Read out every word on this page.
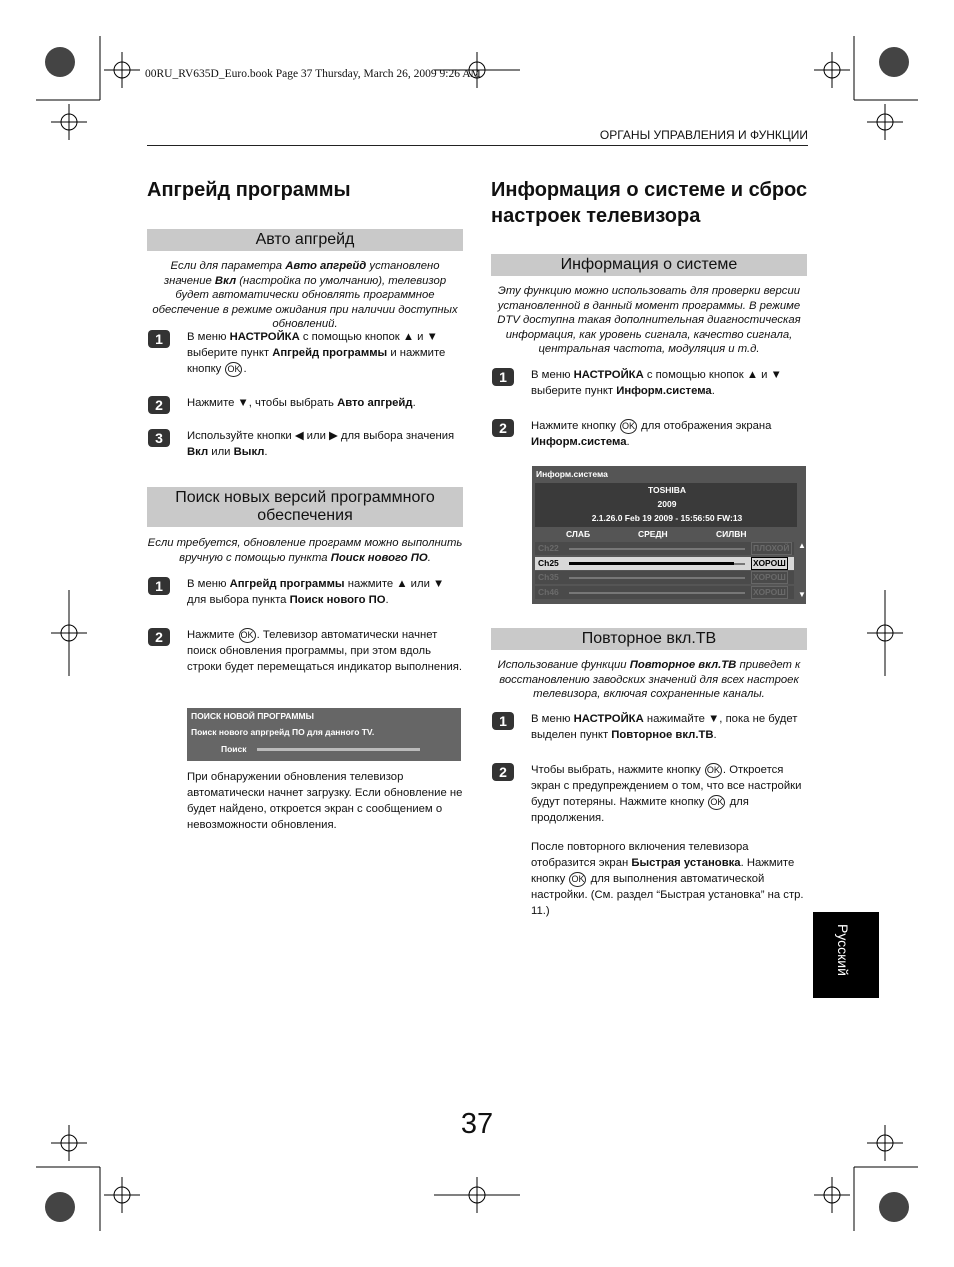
00RU_RV635D_Euro.book Page 37 Thursday, March 26, 2009 9:26 AM
ОРГАНЫ УПРАВЛЕНИЯ И ФУНКЦИИ
Апгрейд программы
Авто апгрейд
Если для параметра Авто апгрейд установлено значение Вкл (настройка по умолчанию), телевизор будет автоматически обновлять программное обеспечение в режиме ожидания при наличии доступных обновлений.
1	В меню НАСТРОЙКА с помощью кнопок ▲ и ▼ выберите пункт Апгрейд программы и нажмите кнопку OK .
2	Нажмите ▼, чтобы выбрать Авто апгрейд.
3	Используйте кнопки ◀ или ▶ для выбора значения Вкл или Выкл.
Поиск новых версий программного обеспечения
Если требуется, обновление программ можно выполнить вручную с помощью пункта Поиск нового ПО.
1	В меню Апгрейд программы нажмите ▲ или ▼ для выбора пункта Поиск нового ПО.
2	Нажмите OK . Телевизор автоматически начнет поиск обновления программы, при этом вдоль строки будет перемещаться индикатор выполнения.
ПОИСК НОВОЙ ПРОГРАММЫ
Поиск нового апргрейд ПО для данного TV.
Поиск
При обнаружении обновления телевизор автоматически начнет загрузку. Если обновление не будет найдено, откроется экран с сообщением о невозможности обновления.
Информация о системе и сброс настроек телевизора
Информация о системе
Эту функцию можно использовать для проверки версии установленной в данный момент программы. В режиме DTV доступна такая дополнительная диагностическая информация, как уровень сигнала, качество сигнала, центральная частота, модуляция и т.д.
1	В меню НАСТРОЙКА с помощью кнопок ▲ и ▼ выберите пункт Информ.система.
2	Нажмите кнопку OK для отображения экрана Информ.система.
Информ.система
TOSHIBA
2009
2.1.26.0 Feb 19 2009 - 15:56:50 FW:13
СЛАБ	СРЕДН	СИЛВН
Ch22	ПЛОХОЙ
Ch25	ХОРОШ
Ch35	ХОРОШ
Ch46	ХОРОШ
▲
▼
Повторное вкл.ТВ
Использование функции Повторное вкл.ТВ приведет к восстановлению заводских значений для всех настроек телевизора, включая сохраненные каналы.
1	В меню НАСТРОЙКА нажимайте ▼, пока не будет выделен пункт Повторное вкл.ТВ.
2	Чтобы выбрать, нажмите кнопку OK . Откроется экран с предупреждением о том, что все настройки будут потеряны. Нажмите кнопку OK для продолжения.
После повторного включения телевизора отобразится экран Быстрая установка. Нажмите кнопку OK для выполнения автоматической настройки. (См. раздел “Быстрая установка” на стр. 11.)
Русский
37
